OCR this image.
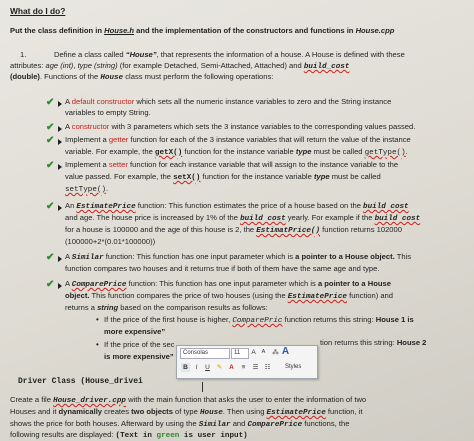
What do I do?
Put the class definition in House.h and the implementation of the constructors and functions in House.cpp
1.	Define a class called “House”, that represents the information of a house. A House is defined with these
attributes: age (int), type (string) (for example Detached, Semi-Attached, Attached) and build_cost
(double). Functions of the House class must perform the following operations:
✔
A default constructor which sets all the numeric instance variables to zero and the String instance
variables to empty String.
✔
A constructor with 3 parameters which sets the 3 instance variables to the corresponding values passed.
✔
Implement a getter function for each of the 3 instance variables that will return the value of the instance
variable. For example, the getX() function for the instance variable type must be called getType().
✔
Implement a setter function for each instance variable that will assign to the instance variable to the
value passed. For example, the setX() function for the instance variable type must be called
setType().
✔
An EstimatePrice function: This function estimates the price of a house based on the build cost
and age. The house price is increased by 1% of the build cost yearly. For example if the build cost
for a house is 100000 and the age of this house is 2, the EstimatPrice() function returns 102000
(100000+2*(0.01*100000))
✔
A Similar function: This function has one input parameter which is a pointer to a House object. This
function compares two houses and it returns true if both of them have the same age and type.
✔
A ComparePrice function: This function has one input parameter which is a pointer to a House
object. This function compares the price of two houses (using the EstimatePrice function) and
returns a string based on the comparison results as follows:
• If the price of the first house is higher, ComparePric function returns this string: House 1 is
more expensive”
• If the price of the sec	tion returns this string: House 2
is more expensive”
Driver Class (House_drivei
Create a file House_driver.cpp with the main function that asks the user to enter the information of two
Houses and it dynamically creates two objects of type House. Then using EstimatePrice function, it
shows the price for both houses. Afterward by using the Similar and ComparePrice functions, the
following results are displayed: (Text in green is user input)
Consolas	11	A	A	⁂ A
B	I	U	✎	A	≡	☰ ☷ Styles
